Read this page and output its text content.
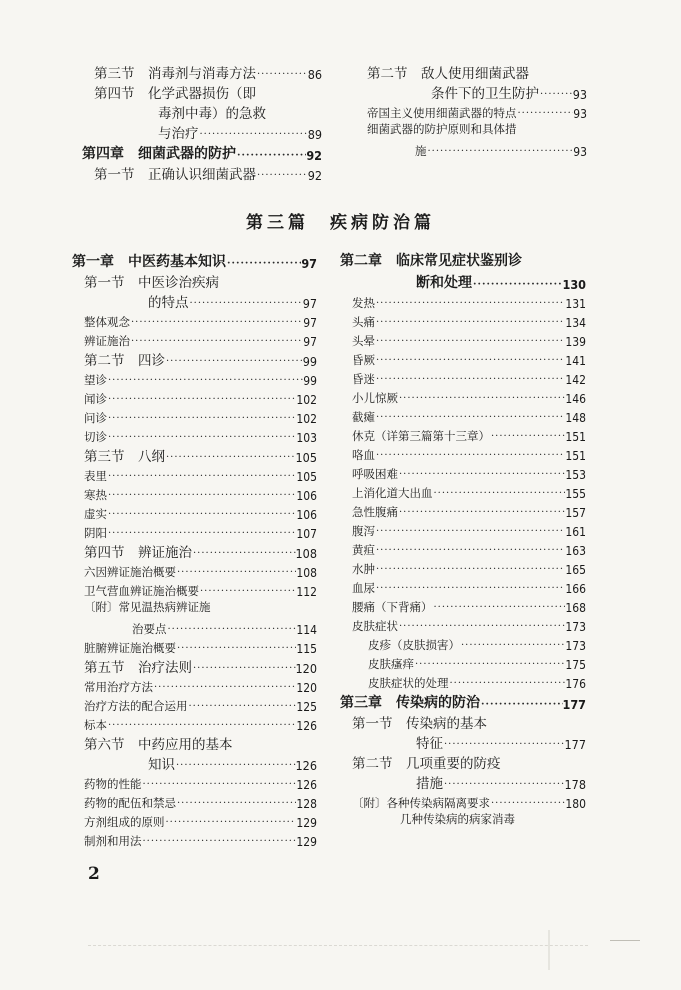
第三节　消毒剂与消毒方法 ·····	86
第四节　化学武器损伤（即
毒剂中毒）的急救
与治疗 ·····	89
第四章　细菌武器的防护 ·····	92
第一节　正确认识细菌武器 ·····	92
第二节　敌人使用细菌武器
条件下的卫生防护 ·····	93
帝国主义使用细菌武器的特点 ·····	93
细菌武器的防护原则和具体措
施 ·····	93
第三篇　疾病防治篇
第一章　中医药基本知识 ·····	97
第一节　中医诊治疾病
的特点 ·····	97
整体观念 ·····	97
辨证施治 ·····	97
第二节　四诊 ·····	99
望诊 ·····	99
闻诊 ·····	102
问诊 ·····	102
切诊 ·····	103
第三节　八纲 ·····	105
表里 ·····	105
寒热 ·····	106
虚实 ·····	106
阴阳 ·····	107
第四节　辨证施治 ·····	108
六因辨证施治概要 ·····	108
卫气营血辨证施治概要 ·····	112
〔附〕常见温热病辨证施
治要点 ·····	114
脏腑辨证施治概要 ·····	115
第五节　治疗法则 ·····	120
常用治疗方法 ·····	120
治疗方法的配合运用 ·····	125
标本 ·····	126
第六节　中药应用的基本
知识 ·····	126
药物的性能 ·····	126
药物的配伍和禁忌 ·····	128
方剂组成的原则 ·····	129
制剂和用法 ·····	129
第二章　临床常见症状鉴别诊
断和处理 ·····	130
发热 ·····	131
头痛 ·····	134
头晕 ·····	139
昏厥 ·····	141
昏迷 ·····	142
小儿惊厥 ·····	146
截瘫 ·····	148
休克（详第三篇第十三章） ·····	151
咯血 ·····	151
呼吸困难 ·····	153
上消化道大出血 ·····	155
急性腹痛 ·····	157
腹泻 ·····	161
黄疸 ·····	163
水肿 ·····	165
血尿 ·····	166
腰痛（下背痛） ·····	168
皮肤症状 ·····	173
皮疹（皮肤损害） ·····	173
皮肤瘙痒 ·····	175
皮肤症状的处理 ·····	176
第三章　传染病的防治 ·····	177
第一节　传染病的基本
特征 ·····	177
第二节　几项重要的防疫
措施 ·····	178
〔附〕各种传染病隔离要求 ·····	180
几种传染病的病家消毒
2
